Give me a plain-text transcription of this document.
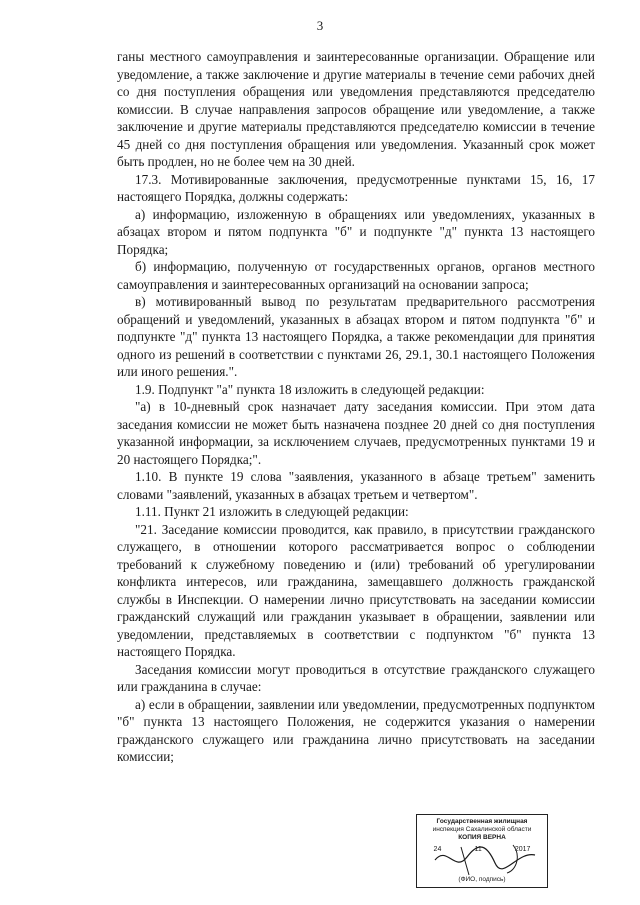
3

ганы местного самоуправления и заинтересованные организации. Обращение или уведомление, а также заключение и другие материалы в течение семи рабочих дней со дня поступления обращения или уведомления представляются председателю комиссии. В случае направления запросов обращение или уведомление, а также заключение и другие материалы представляются председателю комиссии в течение 45 дней со дня поступления обращения или уведомления. Указанный срок может быть продлен, но не более чем на 30 дней.

17.3. Мотивированные заключения, предусмотренные пунктами 15, 16, 17 настоящего Порядка, должны содержать:

а) информацию, изложенную в обращениях или уведомлениях, указанных в абзацах втором и пятом подпункта "б" и подпункте "д" пункта 13 настоящего Порядка;

б) информацию, полученную от государственных органов, органов местного самоуправления и заинтересованных организаций на основании запроса;

в) мотивированный вывод по результатам предварительного рассмотрения обращений и уведомлений, указанных в абзацах втором и пятом подпункта "б" и подпункте "д" пункта 13 настоящего Порядка, а также рекомендации для принятия одного из решений в соответствии с пунктами 26, 29.1, 30.1 настоящего Положения или иного решения.".

1.9. Подпункт "а" пункта 18 изложить в следующей редакции:

"а) в 10-дневный срок назначает дату заседания комиссии. При этом дата заседания комиссии не может быть назначена позднее 20 дней со дня поступления указанной информации, за исключением случаев, предусмотренных пунктами 19 и 20 настоящего Порядка;".

1.10. В пункте 19 слова "заявления, указанного в абзаце третьем" заменить словами "заявлений, указанных в абзацах третьем и четвертом".

1.11. Пункт 21 изложить в следующей редакции:

"21. Заседание комиссии проводится, как правило, в присутствии гражданского служащего, в отношении которого рассматривается вопрос о соблюдении требований к служебному поведению и (или) требований об урегулировании конфликта интересов, или гражданина, замещавшего должность гражданской службы в Инспекции. О намерении лично присутствовать на заседании комиссии гражданский служащий или гражданин указывает в обращении, заявлении или уведомлении, представляемых в соответствии с подпунктом "б" пункта 13 настоящего Порядка.

Заседания комиссии могут проводиться в отсутствие гражданского служащего или гражданина в случае:

а) если в обращении, заявлении или уведомлении, предусмотренных подпунктом "б" пункта 13 настоящего Положения, не содержится указания о намерении гражданского служащего или гражданина лично присутствовать на заседании комиссии;

Государственная жилищная
инспекция Сахалинской области
КОПИЯ ВЕРНА
24	11	2017
(ФИО, подпись)
